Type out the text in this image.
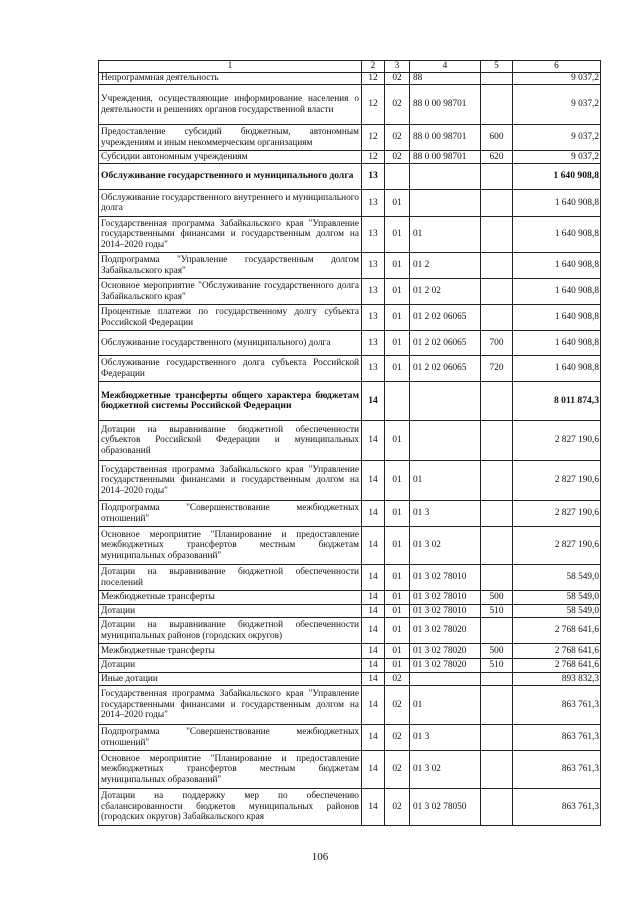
1	2	3	4	5	6
Непрограммная деятельность	12	02	88		9 037,2
Учреждения, осуществляющие информирование населения о деятельности и решениях органов государственной власти	12	02	88 0 00 98701		9 037,2
Предоставление субсидий бюджетным, автономным учреждениям и иным некоммерческим организациям	12	02	88 0 00 98701	600	9 037,2
Субсидии автономным учреждениям	12	02	88 0 00 98701	620	9 037,2
Обслуживание государственного и муниципального долга	13				1 640 908,8
Обслуживание государственного внутреннего и муниципального долга	13	01			1 640 908,8
Государственная программа Забайкальского края "Управление государственными финансами и государственным долгом на 2014–2020 годы"	13	01	01		1 640 908,8
Подпрограмма "Управление государственным долгом Забайкальского края"	13	01	01 2		1 640 908,8
Основное мероприятие "Обслуживание государственного долга Забайкальского края"	13	01	01 2 02		1 640 908,8
Процентные платежи по государственному долгу субъекта Российской Федерации	13	01	01 2 02 06065		1 640 908,8
Обслуживание государственного (муниципального) долга	13	01	01 2 02 06065	700	1 640 908,8
Обслуживание государственного долга субъекта Российской Федерации	13	01	01 2 02 06065	720	1 640 908,8
Межбюджетные трансферты общего характера бюджетам бюджетной системы Российской Федерации	14				8 011 874,3
Дотации на выравнивание бюджетной обеспеченности субъектов Российской Федерации и муниципальных образований	14	01			2 827 190,6
Государственная программа Забайкальского края "Управление государственными финансами и государственным долгом на 2014–2020 годы"	14	01	01		2 827 190,6
Подпрограмма "Совершенствование межбюджетных отношений"	14	01	01 3		2 827 190,6
Основное мероприятие "Планирование и предоставление межбюджетных трансфертов местным бюджетам муниципальных образований"	14	01	01 3 02		2 827 190,6
Дотации на выравнивание бюджетной обеспеченности поселений	14	01	01 3 02 78010		58 549,0
Межбюджетные трансферты	14	01	01 3 02 78010	500	58 549,0
Дотации	14	01	01 3 02 78010	510	58 549,0
Дотации на выравнивание бюджетной обеспеченности муниципальных районов (городских округов)	14	01	01 3 02 78020		2 768 641,6
Межбюджетные трансферты	14	01	01 3 02 78020	500	2 768 641,6
Дотации	14	01	01 3 02 78020	510	2 768 641,6
Иные дотации	14	02			893 832,3
Государственная программа Забайкальского края "Управление государственными финансами и государственным долгом на 2014–2020 годы"	14	02	01		863 761,3
Подпрограмма "Совершенствование межбюджетных отношений"	14	02	01 3		863 761,3
Основное мероприятие "Планирование и предоставление межбюджетных трансфертов местным бюджетам муниципальных образований"	14	02	01 3 02		863 761,3
Дотации на поддержку мер по обеспечению сбалансированности бюджетов муниципальных районов (городских округов) Забайкальского края	14	02	01 3 02 78050		863 761,3
106
